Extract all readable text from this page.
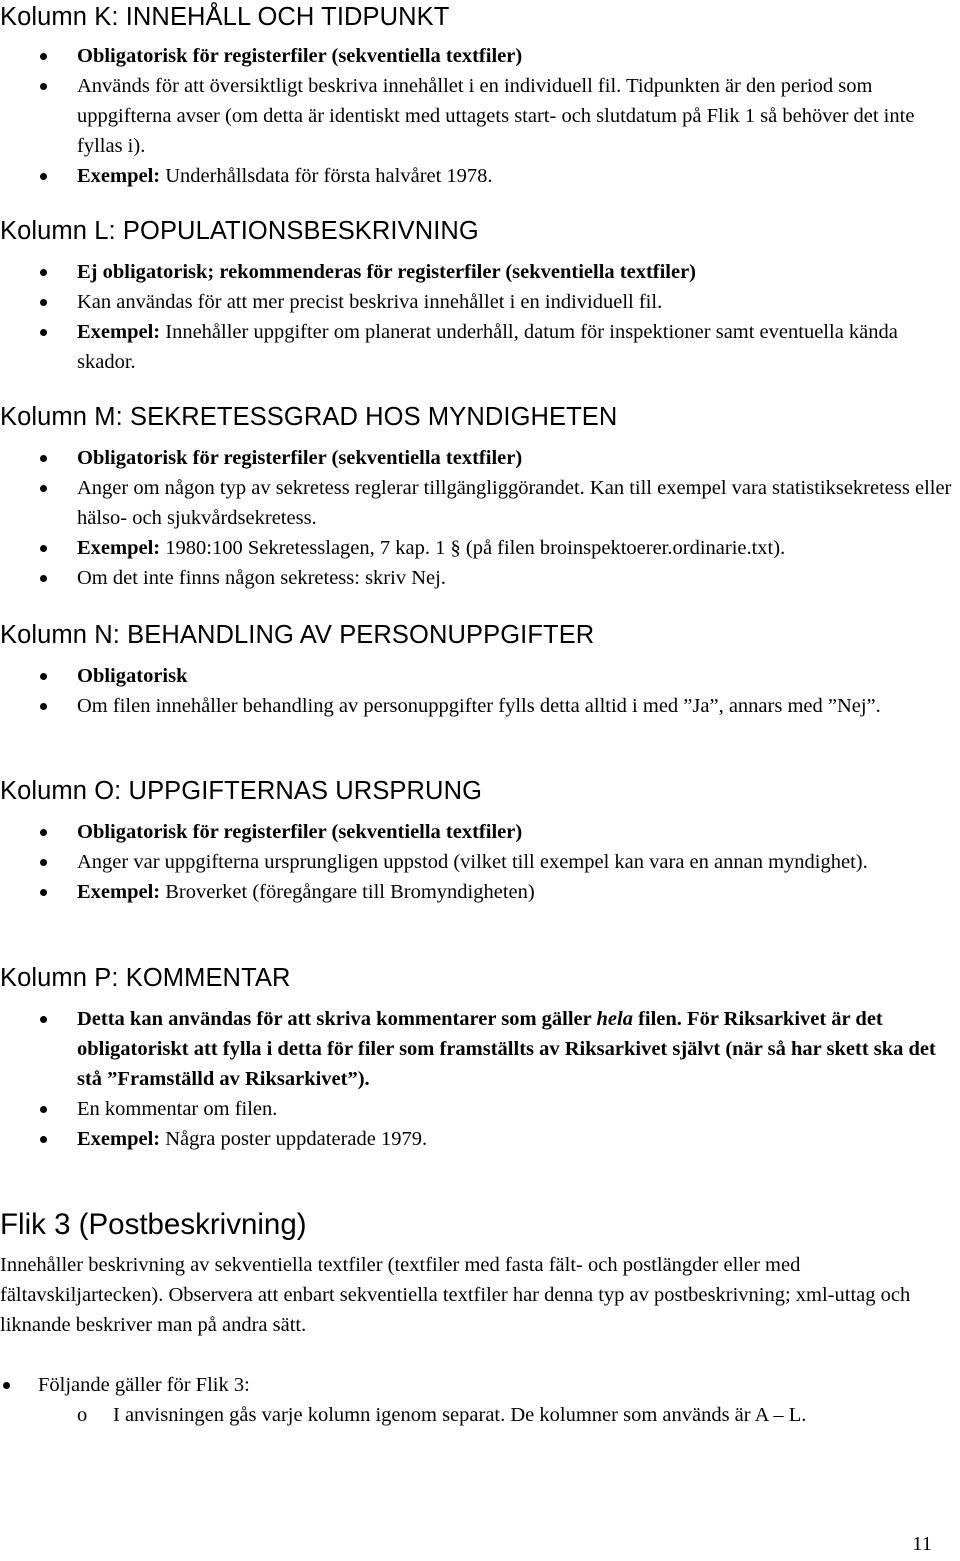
Kolumn K: INNEHÅLL OCH TIDPUNKT
Obligatorisk för registerfiler (sekventiella textfiler)
Används för att översiktligt beskriva innehållet i en individuell fil. Tidpunkten är den period som uppgifterna avser (om detta är identiskt med uttagets start- och slutdatum på Flik 1 så behöver det inte fyllas i).
Exempel: Underhållsdata för första halvåret 1978.
Kolumn L: POPULATIONSBESKRIVNING
Ej obligatorisk; rekommenderas för registerfiler (sekventiella textfiler)
Kan användas för att mer precist beskriva innehållet i en individuell fil.
Exempel: Innehåller uppgifter om planerat underhåll, datum för inspektioner samt eventuella kända skador.
Kolumn M: SEKRETESSGRAD HOS MYNDIGHETEN
Obligatorisk för registerfiler (sekventiella textfiler)
Anger om någon typ av sekretess reglerar tillgängliggörandet. Kan till exempel vara statistiksekretess eller hälso- och sjukvårdsekretess.
Exempel: 1980:100 Sekretesslagen, 7 kap. 1 § (på filen broinspektoerer.ordinarie.txt).
Om det inte finns någon sekretess: skriv Nej.
Kolumn N: BEHANDLING AV PERSONUPPGIFTER
Obligatorisk
Om filen innehåller behandling av personuppgifter fylls detta alltid i med ”Ja”, annars med ”Nej”.
Kolumn O: UPPGIFTERNAS URSPRUNG
Obligatorisk för registerfiler (sekventiella textfiler)
Anger var uppgifterna ursprungligen uppstod (vilket till exempel kan vara en annan myndighet).
Exempel: Broverket (föregångare till Bromyndigheten)
Kolumn P: KOMMENTAR
Detta kan användas för att skriva kommentarer som gäller hela filen. För Riksarkivet är det obligatoriskt att fylla i detta för filer som framställts av Riksarkivet självt (när så har skett ska det stå ”Framställd av Riksarkivet”).
En kommentar om filen.
Exempel: Några poster uppdaterade 1979.
Flik 3 (Postbeskrivning)
Innehåller beskrivning av sekventiella textfiler (textfiler med fasta fält- och postlängder eller med fältavskiljartecken). Observera att enbart sekventiella textfiler har denna typ av postbeskrivning; xml-uttag och liknande beskriver man på andra sätt.
Följande gäller för Flik 3:
o I anvisningen gås varje kolumn igenom separat. De kolumner som används är A – L.
11
